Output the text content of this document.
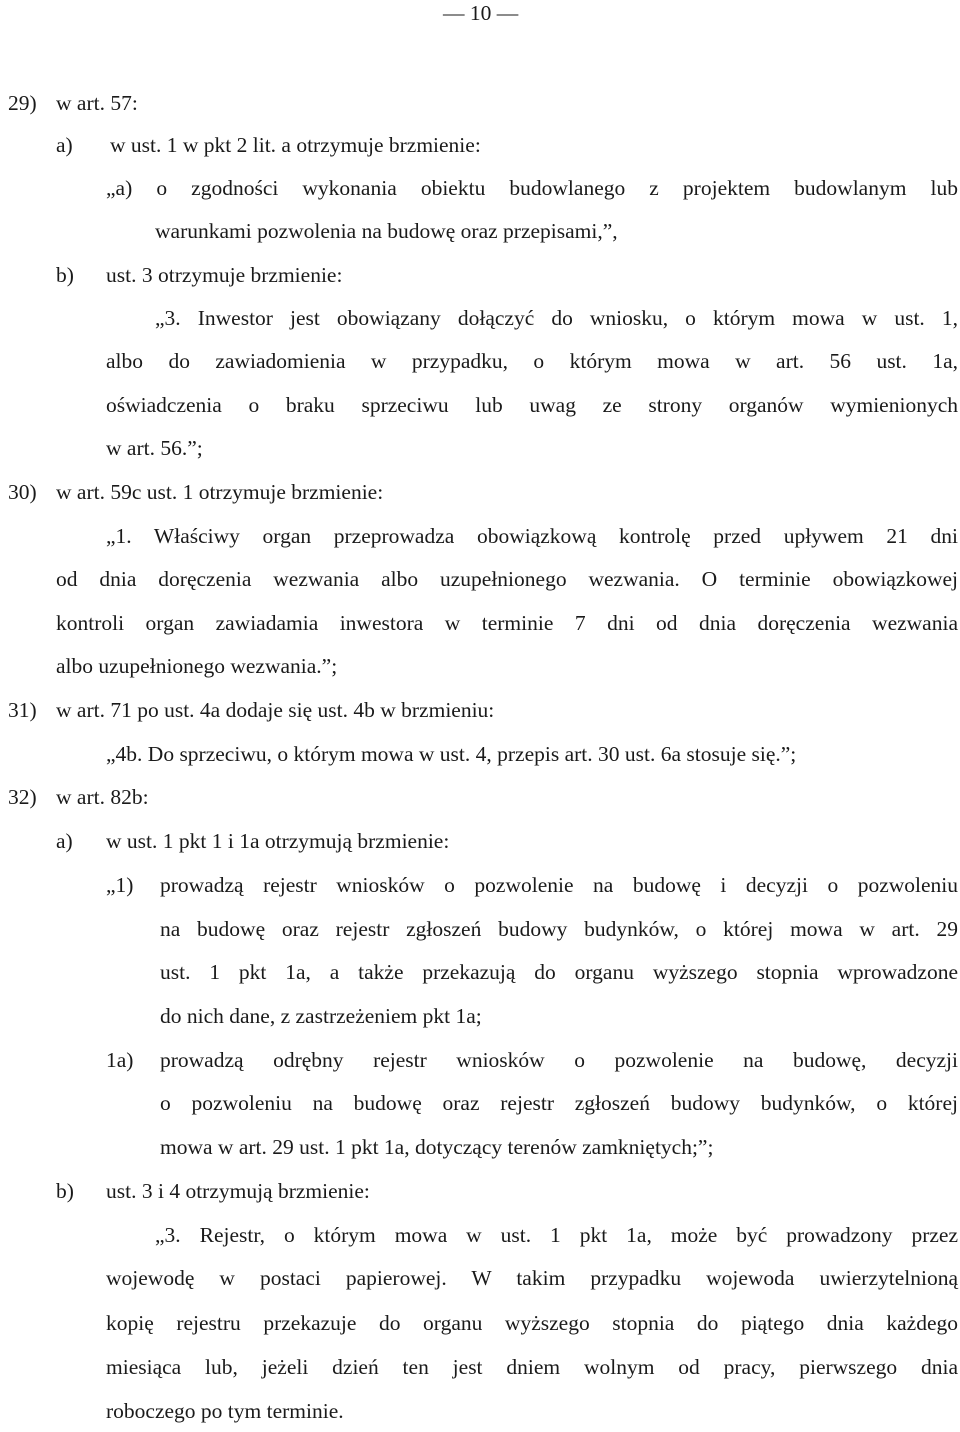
— 10 —
29) w art. 57:
a) w ust. 1 w pkt 2 lit. a otrzymuje brzmienie:
„a) o zgodności wykonania obiektu budowlanego z projektem budowlanym lub
warunkami pozwolenia na budowę oraz przepisami,”,
b) ust. 3 otrzymuje brzmienie:
„3. Inwestor jest obowiązany dołączyć do wniosku, o którym mowa w ust. 1,
albo do zawiadomienia w przypadku, o którym mowa w art. 56 ust. 1a,
oświadczenia o braku sprzeciwu lub uwag ze strony organów wymienionych
w art. 56.”;
30) w art. 59c ust. 1 otrzymuje brzmienie:
„1. Właściwy organ przeprowadza obowiązkową kontrolę przed upływem 21 dni
od dnia doręczenia wezwania albo uzupełnionego wezwania. O terminie obowiązkowej
kontroli organ zawiadamia inwestora w terminie 7 dni od dnia doręczenia wezwania
albo uzupełnionego wezwania.”;
31) w art. 71 po ust. 4a dodaje się ust. 4b w brzmieniu:
„4b. Do sprzeciwu, o którym mowa w ust. 4, przepis art. 30 ust. 6a stosuje się.”;
32) w art. 82b:
a) w ust. 1 pkt 1 i 1a otrzymują brzmienie:
„1) prowadzą rejestr wniosków o pozwolenie na budowę i decyzji o pozwoleniu
na budowę oraz rejestr zgłoszeń budowy budynków, o której mowa w art. 29
ust. 1 pkt 1a, a także przekazują do organu wyższego stopnia wprowadzone
do nich dane, z zastrzeżeniem pkt 1a;
1a) prowadzą odrębny rejestr wniosków o pozwolenie na budowę, decyzji
o pozwoleniu na budowę oraz rejestr zgłoszeń budowy budynków, o której
mowa w art. 29 ust. 1 pkt 1a, dotyczący terenów zamkniętych;”;
b) ust. 3 i 4 otrzymują brzmienie:
„3. Rejestr, o którym mowa w ust. 1 pkt 1a, może być prowadzony przez
wojewodę w postaci papierowej. W takim przypadku wojewoda uwierzytelnioną
kopię rejestru przekazuje do organu wyższego stopnia do piątego dnia każdego
miesiąca lub, jeżeli dzień ten jest dniem wolnym od pracy, pierwszego dnia
roboczego po tym terminie.
